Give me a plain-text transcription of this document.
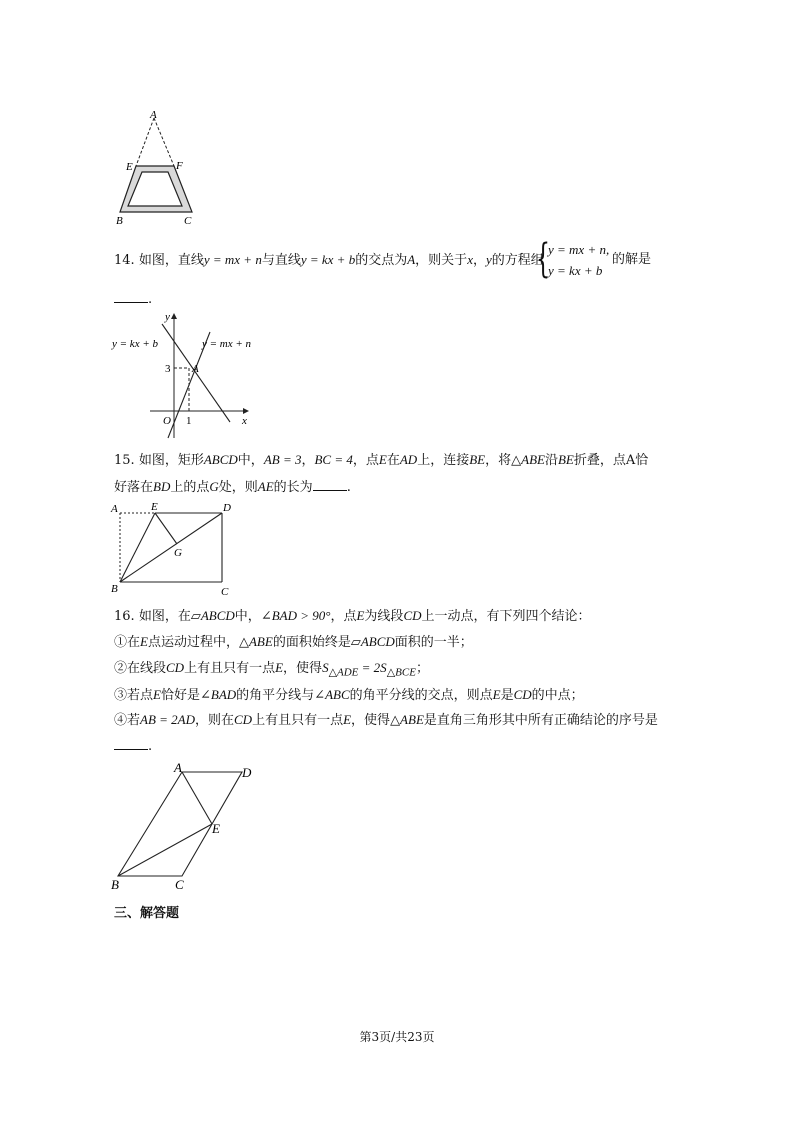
A
E	F
B	C
14. 如图，直线y = mx + n与直线y = kx + b的交点为A，则关于x，y的方程组
{
y = mx + n,
y = kx + b
的解是
.
y = kx + b	y = mx + n
y
x
O
3
1
A
15. 如图，矩形ABCD中，AB = 3，BC = 4，点E在AD上，连接BE，将△ABE沿BE折叠，点A恰
好落在BD上的点G处，则AE的长为	.
A	E	D
G
B	C
16. 如图，在▱ABCD中，∠BAD > 90°，点E为线段CD上一动点，有下列四个结论：
①在E点运动过程中，△ABE的面积始终是▱ABCD面积的一半；
②在线段CD上有且只有一点E，使得$S_{\triangle ADE} = 2S_{\triangle BCE}$；
③若点E恰好是∠BAD的角平分线与∠ABC的角平分线的交点，则点E是CD的中点；
④若AB = 2AD，则在CD上有且只有一点E，使得△ABE是直角三角形其中所有正确结论的序号是
.
A	D
E
B	C
三、解答题
第3页/共23页
